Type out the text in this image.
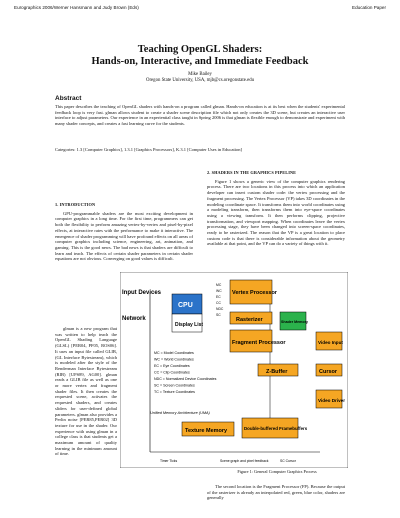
Eurographics 2006/Werner Hansmann and Judy Brown (Eds)	Education Paper
Teaching OpenGL Shaders:
Hands-on, Interactive, and Immediate Feedback
Mike Bailey
Oregon State University, USA, mjb@cs.oregonstate.edu
Abstract
This paper describes the teaching of OpenGL shaders with hands-on a program called glman. Hands-on education is at its best when the students' experimental feedback loop is very fast. glman allows student to create a shader scene description file which not only creates the 3D scene, but creates an interactive user interface to adjust parameters. Our experience in an experiential class taught in Spring 2006 is that glman is flexible enough to demonstrate and experiment with many shader concepts, and creates a fast learning curve for the students.
Categories: 1.3 [Computer Graphics], 1.3.1 [Graphics Processors], K.3.1 [Computer Uses in Education]
1. INTRODUCTION

GPU-programmable shaders are the most exciting development in computer graphics in a long time. For the first time, programmers can get both the flexibility to perform amazing vertex-by-vertex and pixel-by-pixel effects, at interactive rates with the performance to make it interactive. The emergence of shader programming will have profound effects on all areas of computer graphics including science, engineering, art, animation, and gaming. This is the good news. The bad news is that shaders are difficult to learn and teach. The effects of certain shader parameters in certain shader equations are not obvious. Converging on good values is difficult.

glman is a new program that was written to help teach the OpenGL Shading Language (GLSL) [PER04, PF05, ROS06]. It uses an input file called GLIB, (GL Interface Bytestream), which is modeled after the style of the Renderman Interface Bytestream (RIB) [UPS89, AG00]. glman reads a GLIB file as well as one or more vertex and fragment shader files. It then creates the requested scene, activates the requested shaders, and creates sliders for user-defined global parameters. glman also provides a Perlin noise [PER85,PER02] 3D texture for use in the shader. Our experience with using glman in a college class is that students get a maximum amount of quality learning in the minimum amount of time.

2. SHADERS IN THE GRAPHICS PIPELINE

Figure 1 shows a generic view of the computer graphics rendering process. There are two locations in this process into which an application developer can insert custom shader code: the vertex processing and the fragment processing. The Vertex Processor (VP) takes 3D coordinates in the modeling coordinate space. It transforms them into world coordinates using a modeling transform, then transforms them into eye-space coordinates using a viewing transform. It then performs clipping, projective transformation, and viewport mapping. When coordinates leave the vertex processing stage, they have been changed into screen-space coordinates, ready to be rasterized. The reason that the VP is a great location to place custom code is that there is considerable information about the geometry available at that point, and the VP can do a variety of things with it.

Input Devices
Network
CPU
Display List
Vertex Processor
Rasterizer
Fragment Processor
Shader Memory
Z-Buffer	Cursor
Video Input
Video Driver
Texture Memory	Double-buffered Framebuffers
MC = Model Coordinates
WC = World Coordinates
EC = Eye Coordinates
CC = Clip Coordinates
NDC = Normalized Device Coordinates
SC = Screen Coordinates
TC = Texture Coordinates
Unified Memory Architecture (UMA)
MC
WC
EC
CC
NDC
SC
Timer Ticks	Scene graph and pixel feedback	SC Cursor
Figure 1: General Computer Graphics Process

The second location is the Fragment Processor (FP). Because the output of the rasterizer is already an interpolated red, green, blue color, shaders are generally
